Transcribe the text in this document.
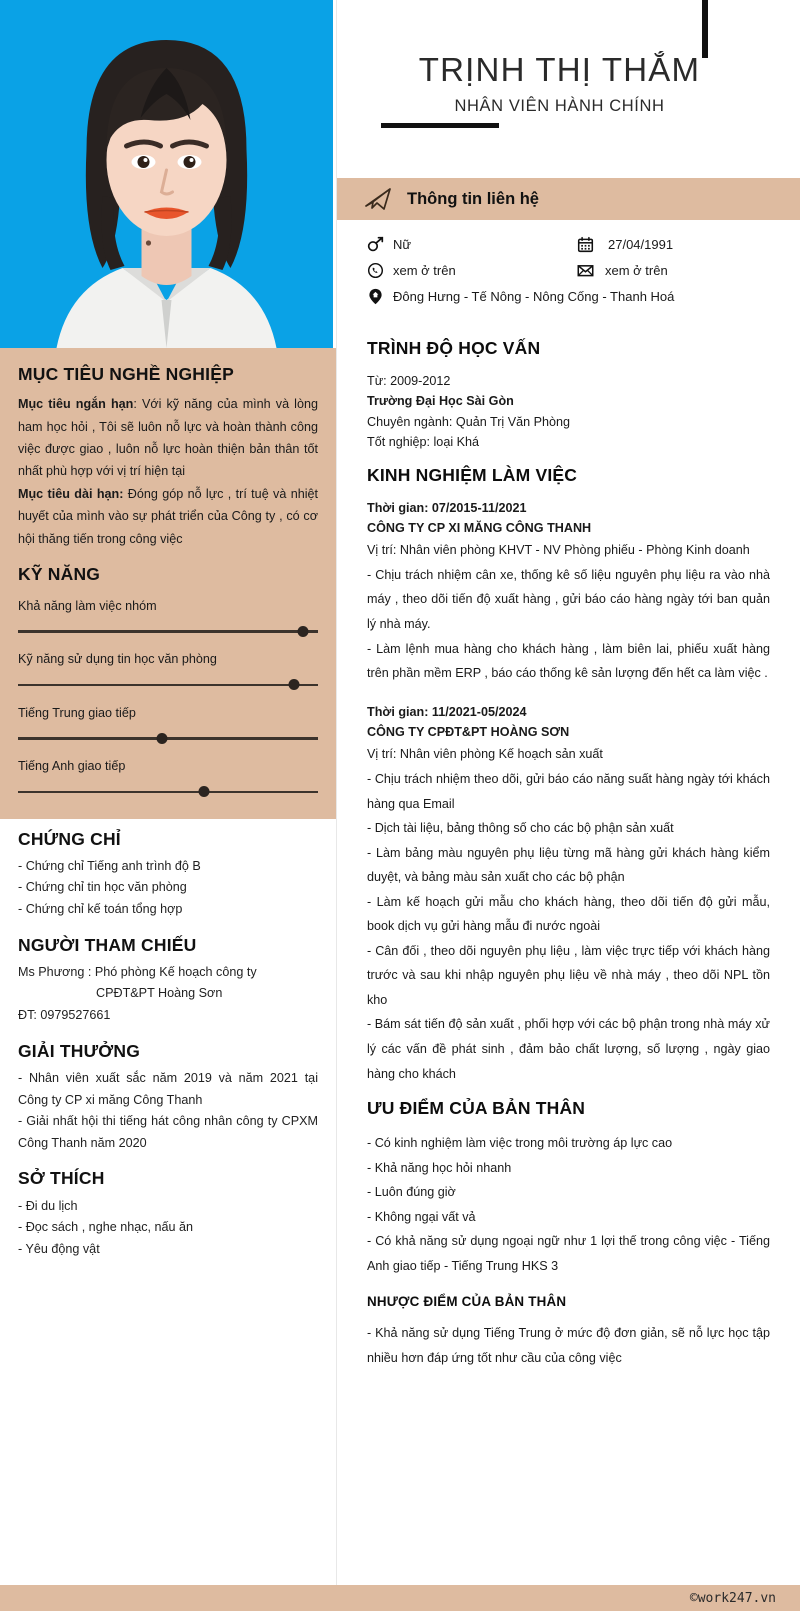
MỤC TIÊU NGHỀ NGHIỆP
Mục tiêu ngắn hạn: Với kỹ năng của mình và lòng ham học hỏi , Tôi sẽ luôn nỗ lực và hoàn thành công việc được giao , luôn nỗ lực hoàn thiện bản thân tốt nhất phù hợp với vị trí hiện tại
Mục tiêu dài hạn: Đóng góp nỗ lực , trí tuệ và nhiệt huyết của mình vào sự phát triển của Công ty , có cơ hội thăng tiến trong công việc
KỸ NĂNG
Khả năng làm việc nhóm
Kỹ năng sử dụng tin học văn phòng
Tiếng Trung giao tiếp
Tiếng Anh giao tiếp
CHỨNG CHỈ
- Chứng chỉ Tiếng anh trình độ B
- Chứng chỉ tin học văn phòng
- Chứng chỉ kế toán tổng hợp
NGƯỜI THAM CHIẾU
Ms Phương : Phó phòng Kế hoạch công ty
CPĐT&PT Hoàng Sơn
ĐT: 0979527661
GIẢI THƯỞNG
- Nhân viên xuất sắc năm 2019 và năm 2021 tại Công ty CP xi măng Công Thanh
- Giải nhất hội thi tiếng hát công nhân công ty CPXM Công Thanh năm 2020
SỞ THÍCH
- Đi du lịch
- Đọc sách , nghe nhạc, nấu ăn
- Yêu động vật
TRỊNH THỊ THẮM
NHÂN VIÊN HÀNH CHÍNH
Thông tin liên hệ
Nữ	27/04/1991
xem ở trên	xem ở trên
Đông Hưng - Tế Nông - Nông Cống - Thanh Hoá
TRÌNH ĐỘ HỌC VẤN
Từ: 2009-2012
Trường Đại Học Sài Gòn
Chuyên ngành: Quản Trị Văn Phòng
Tốt nghiệp: loại Khá
KINH NGHIỆM LÀM VIỆC
Thời gian: 07/2015-11/2021
CÔNG TY CP XI MĂNG CÔNG THANH
Vị trí: Nhân viên phòng KHVT - NV Phòng phiếu - Phòng Kinh doanh
- Chịu trách nhiệm cân xe, thống kê số liệu nguyên phụ liệu ra vào nhà máy , theo dõi tiến độ xuất hàng , gửi báo cáo hàng ngày tới ban quản lý nhà máy.
- Làm lệnh mua hàng cho khách hàng , làm biên lai, phiếu xuất hàng trên phần mềm ERP , báo cáo thống kê sản lượng đến hết ca làm việc .
Thời gian: 11/2021-05/2024
CÔNG TY CPĐT&PT HOÀNG SƠN
Vị trí: Nhân viên phòng Kế hoạch sản xuất
- Chịu trách nhiệm theo dõi, gửi báo cáo năng suất hàng ngày tới khách hàng qua Email
- Dịch tài liệu, bảng thông số cho các bộ phận sản xuất
- Làm bảng màu nguyên phụ liệu từng mã hàng gửi khách hàng kiểm duyệt, và bảng màu sản xuất cho các bộ phận
- Làm kế hoạch gửi mẫu cho khách hàng, theo dõi tiến độ gửi mẫu, book dịch vụ gửi hàng mẫu đi nước ngoài
- Cân đối , theo dõi nguyên phụ liệu , làm việc trực tiếp với khách hàng trước và sau khi nhập nguyên phụ liệu về nhà máy , theo dõi NPL tồn kho
- Bám sát tiến độ sản xuất , phối hợp với các bộ phận trong nhà máy xử lý các vấn đề phát sinh , đảm bảo chất lượng, số lượng , ngày giao hàng cho khách
ƯU ĐIỂM CỦA BẢN THÂN
- Có kinh nghiệm làm việc trong môi trường áp lực cao
- Khả năng học hỏi nhanh
- Luôn đúng giờ
- Không ngại vất vả
- Có khả năng sử dụng ngoại ngữ như 1 lợi thế trong công việc - Tiếng Anh giao tiếp - Tiếng Trung HKS 3
NHƯỢC ĐIỂM CỦA BẢN THÂN
- Khả năng sử dụng Tiếng Trung ở mức độ đơn giản, sẽ nỗ lực học tập nhiều hơn đáp ứng tốt như cầu của công việc
©work247.vn
